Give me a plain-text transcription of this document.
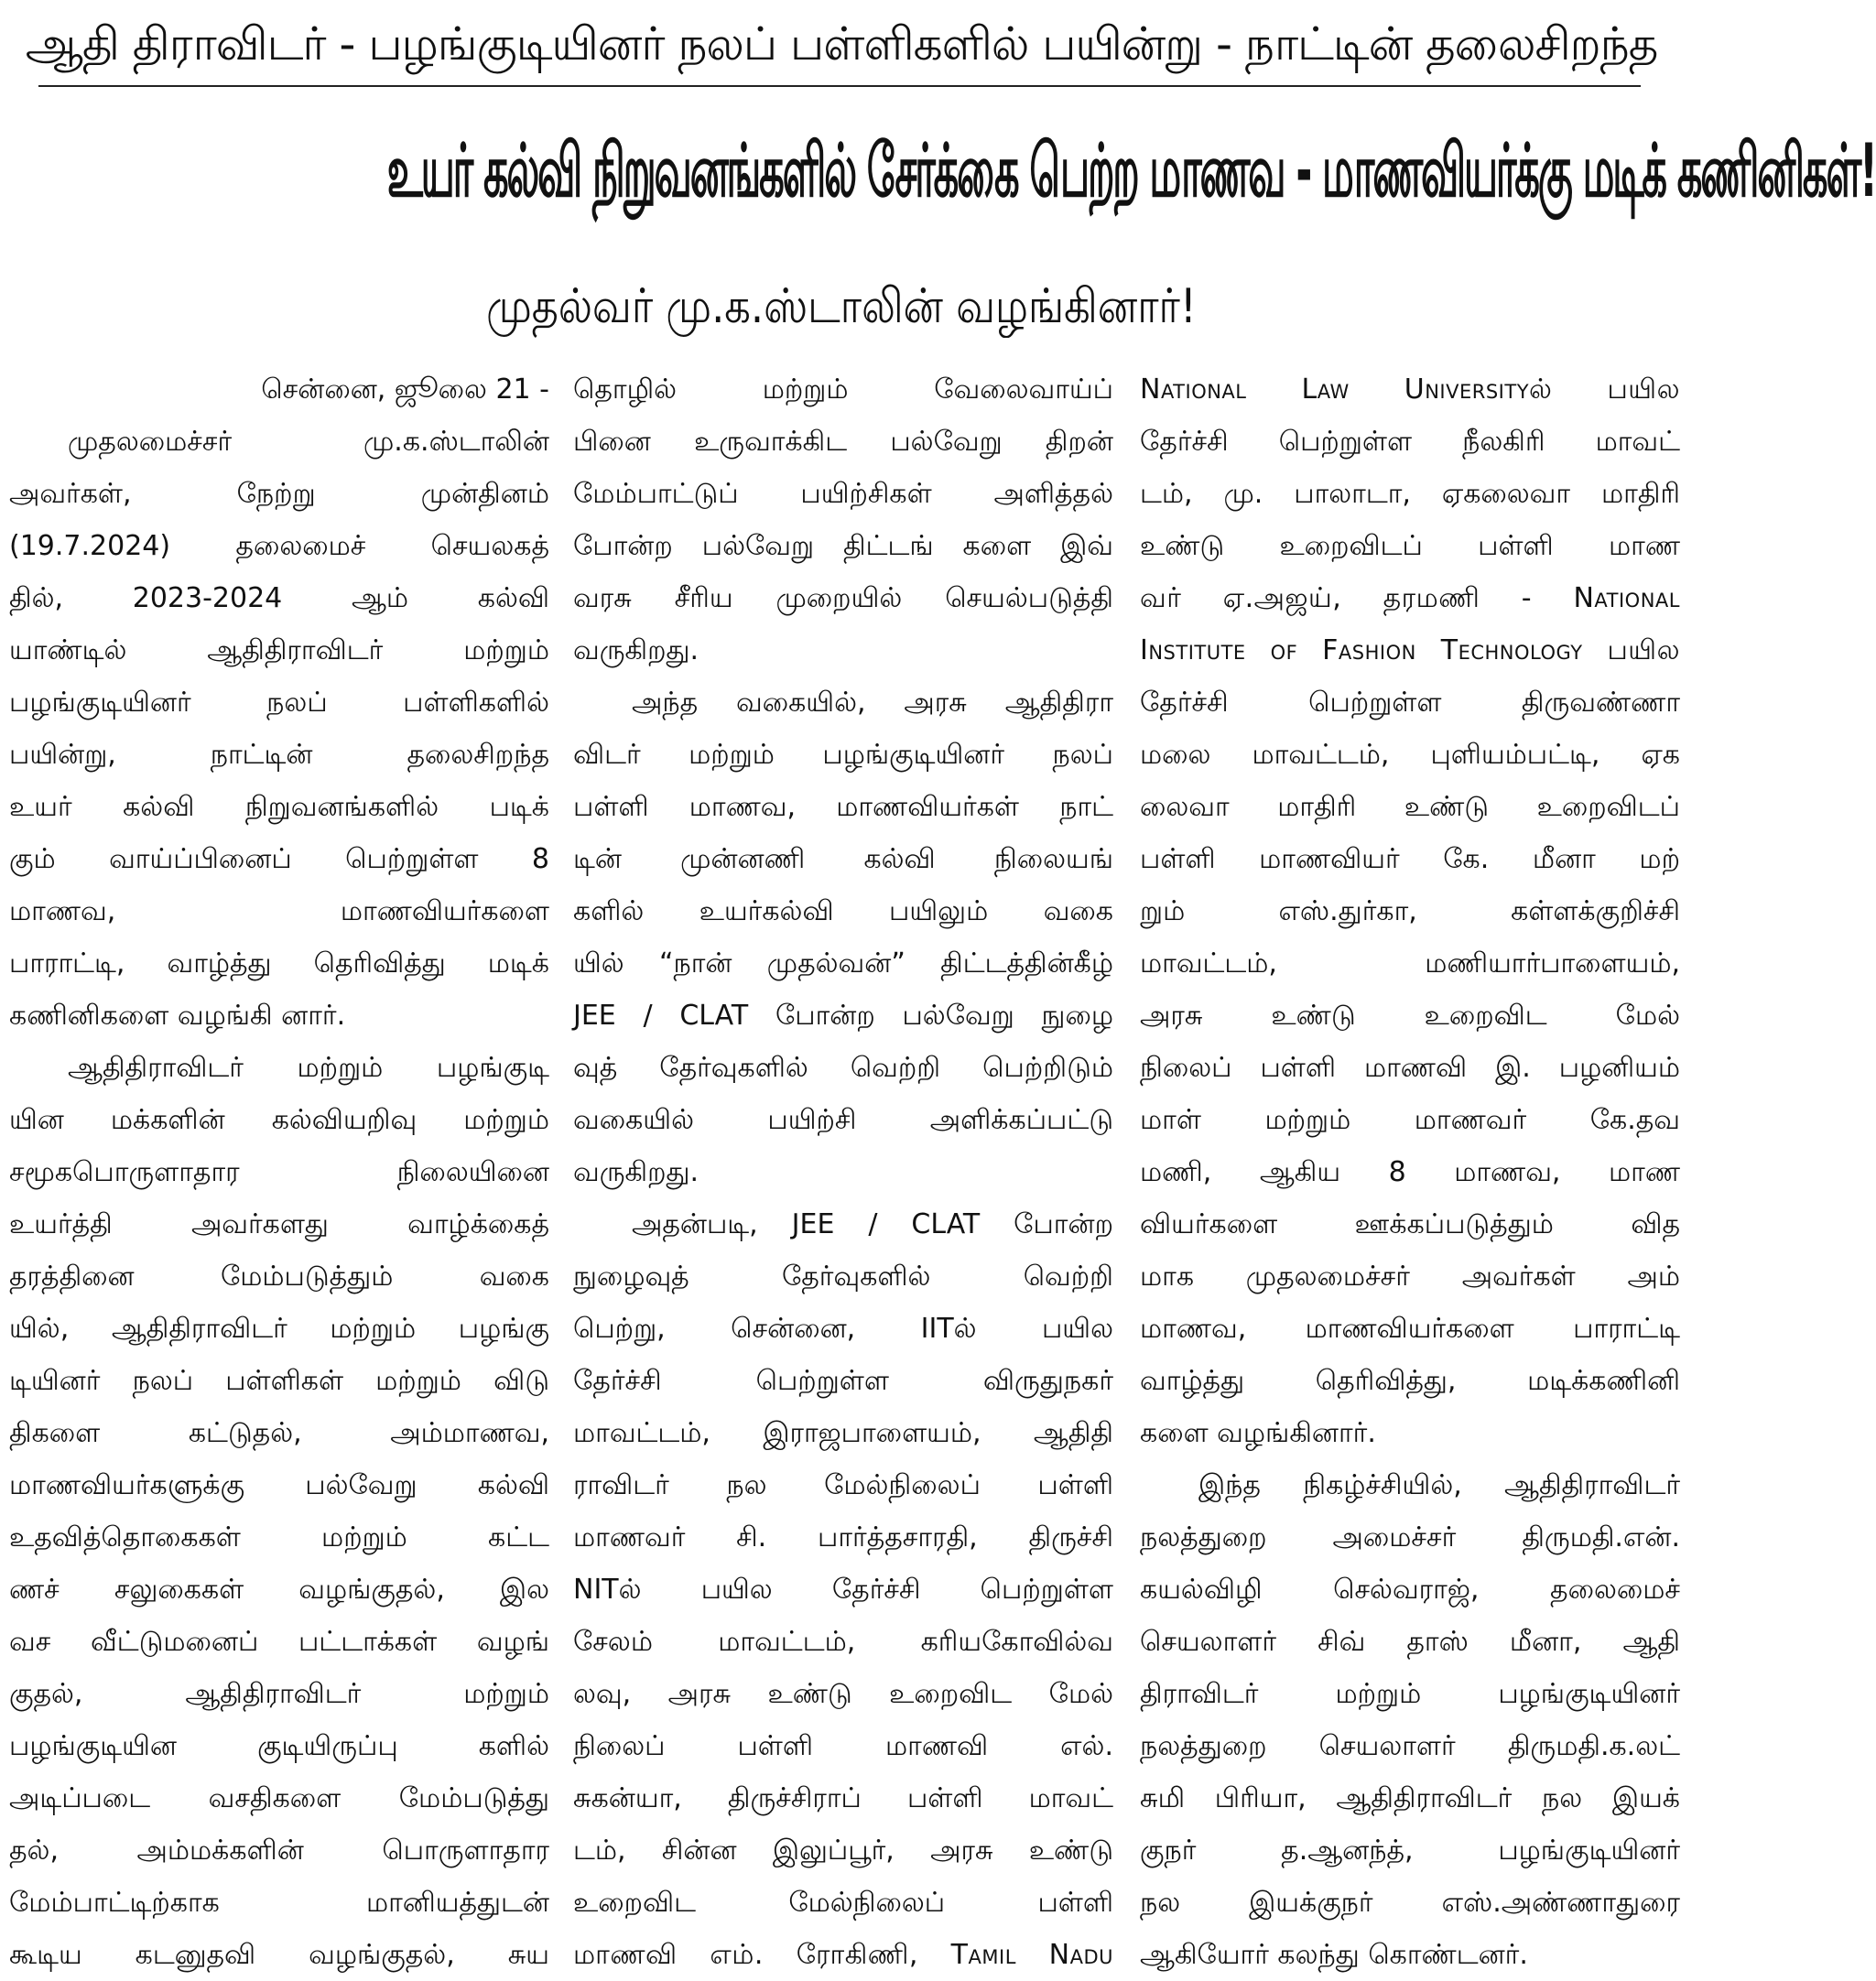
ஆதி திராவிடர் - பழங்குடியினர் நலப் பள்ளிகளில் பயின்று - நாட்டின் தலைசிறந்த
உயர் கல்வி நிறுவனங்களில் சேர்க்கை பெற்ற மாணவ - மாணவியர்க்கு மடிக் கணினிகள்!
முதல்வர் மு.க.ஸ்டாலின் வழங்கினார்!
சென்னை, ஜூலை 21 -
முதலமைச்சர் மு.க.ஸ்டாலின்
அவர்கள், நேற்று முன்தினம்
(19.7.2024) தலைமைச் செயலகத்
தில், 2023-2024 ஆம் கல்வி
யாண்டில் ஆதிதிராவிடர் மற்றும்
பழங்குடியினர் நலப் பள்ளிகளில்
பயின்று, நாட்டின் தலைசிறந்த
உயர் கல்வி நிறுவனங்களில் படிக்
கும் வாய்ப்பினைப் பெற்றுள்ள 8
மாணவ, மாணவியர்களை
பாராட்டி, வாழ்த்து தெரிவித்து மடிக்
கணினிகளை வழங்கி னார்.
ஆதிதிராவிடர் மற்றும் பழங்குடி
யின மக்களின் கல்வியறிவு மற்றும்
சமூகபொருளாதார நிலையினை
உயர்த்தி அவர்களது வாழ்க்கைத்
தரத்தினை மேம்படுத்தும் வகை
யில், ஆதிதிராவிடர் மற்றும் பழங்கு
டியினர் நலப் பள்ளிகள் மற்றும் விடு
திகளை கட்டுதல், அம்மாணவ,
மாணவியர்களுக்கு பல்வேறு கல்வி
உதவித்தொகைகள் மற்றும் கட்ட
ணச் சலுகைகள் வழங்குதல், இல
வச வீட்டுமனைப் பட்டாக்கள் வழங்
குதல், ஆதிதிராவிடர் மற்றும்
பழங்குடியின குடியிருப்பு களில்
அடிப்படை வசதிகளை மேம்படுத்து
தல், அம்மக்களின் பொருளாதார
மேம்பாட்டிற்காக மானியத்துடன்
கூடிய கடனுதவி வழங்குதல், சுய
தொழில் மற்றும் வேலைவாய்ப்
பினை உருவாக்கிட பல்வேறு திறன்
மேம்பாட்டுப் பயிற்சிகள் அளித்தல்
போன்ற பல்வேறு திட்டங் களை இவ்
வரசு சீரிய முறையில் செயல்படுத்தி
வருகிறது.
அந்த வகையில், அரசு ஆதிதிரா
விடர் மற்றும் பழங்குடியினர் நலப்
பள்ளி மாணவ, மாணவியர்கள் நாட்
டின் முன்னணி கல்வி நிலையங்
களில் உயர்கல்வி பயிலும் வகை
யில் “நான் முதல்வன்” திட்டத்தின்கீழ்
JEE / CLAT போன்ற பல்வேறு நுழை
வுத் தேர்வுகளில் வெற்றி பெற்றிடும்
வகையில் பயிற்சி அளிக்கப்பட்டு
வருகிறது.
அதன்படி, JEE / CLAT போன்ற
நுழைவுத் தேர்வுகளில் வெற்றி
பெற்று, சென்னை, IITல் பயில
தேர்ச்சி பெற்றுள்ள விருதுநகர்
மாவட்டம், இராஜபாளையம், ஆதிதி
ராவிடர் நல மேல்நிலைப் பள்ளி
மாணவர் சி. பார்த்தசாரதி, திருச்சி
NITல் பயில தேர்ச்சி பெற்றுள்ள
சேலம் மாவட்டம், கரியகோவில்வ
லவு, அரசு உண்டு உறைவிட மேல்
நிலைப் பள்ளி மாணவி எல்.
சுகன்யா, திருச்சிராப் பள்ளி மாவட்
டம், சின்ன இலுப்பூர், அரசு உண்டு
உறைவிட மேல்நிலைப் பள்ளி
மாணவி எம். ரோகிணி, Tamil Nadu
National Law Universityல் பயில
தேர்ச்சி பெற்றுள்ள நீலகிரி மாவட்
டம், மு. பாலாடா, ஏகலைவா மாதிரி
உண்டு உறைவிடப் பள்ளி மாண
வர் ஏ.அஜய், தரமணி - National
Institute of Fashion Technology பயில
தேர்ச்சி பெற்றுள்ள திருவண்ணா
மலை மாவட்டம், புளியம்பட்டி, ஏக
லைவா மாதிரி உண்டு உறைவிடப்
பள்ளி மாணவியர் கே. மீனா மற்
றும் எஸ்.துர்கா, கள்ளக்குறிச்சி
மாவட்டம், மணியார்பாளையம்,
அரசு உண்டு உறைவிட மேல்
நிலைப் பள்ளி மாணவி இ. பழனியம்
மாள் மற்றும் மாணவர் கே.தவ
மணி, ஆகிய 8 மாணவ, மாண
வியர்களை ஊக்கப்படுத்தும் வித
மாக முதலமைச்சர் அவர்கள் அம்
மாணவ, மாணவியர்களை பாராட்டி
வாழ்த்து தெரிவித்து, மடிக்கணினி
களை வழங்கினார்.
இந்த நிகழ்ச்சியில், ஆதிதிராவிடர்
நலத்துறை அமைச்சர் திருமதி.என்.
கயல்விழி செல்வராஜ், தலைமைச்
செயலாளர் சிவ் தாஸ் மீனா, ஆதி
திராவிடர் மற்றும் பழங்குடியினர்
நலத்துறை செயலாளர் திருமதி.க.லட்
சுமி பிரியா, ஆதிதிராவிடர் நல இயக்
குநர் த.ஆனந்த், பழங்குடியினர்
நல இயக்குநர் எஸ்.அண்ணாதுரை
ஆகியோர் கலந்து கொண்டனர்.
